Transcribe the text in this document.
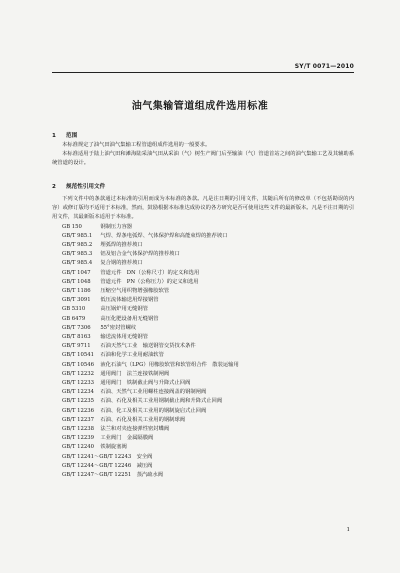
SY/T 0071—2010
油气集输管道组成件选用标准
1 范围

本标准规定了油气田油气集输工程管道组成件选用的一般要求。

本标准适用于陆上油气田和滩海陆采油气田从采油（气）树生产阀门后至输油（气）管道首站之间的油气集输工艺及其辅助系统管道的设计。

2 规范性引用文件

下列文件中的条款通过本标准的引用而成为本标准的条款。凡是注日期的引用文件，其随后所有的修改单（不包括勘误的内容）或修订版均不适用于本标准，然而，鼓励根据本标准达成协议的各方研究是否可使用这些文件的最新版本。凡是不注日期的引用文件，其最新版本适用于本标准。

GB 150　	钢制压力容器
GB/T 985.1　 气焊、焊条电弧焊、气体保护焊和高能束焊的推荐坡口
GB/T 985.2　 埋弧焊的推荐坡口
GB/T 985.3　 铝及铝合金气体保护焊的推荐坡口
GB/T 985.4　 复合钢的推荐坡口
GB/T 1047　 管道元件　DN（公称尺寸）的定义和选用
GB/T 1048　 管道元件　PN（公称压力）的定义和选用
GB/T 1186　 压缩空气用织物增强橡胶软管
GB/T 3091　 低压流体输送用焊接钢管
GB 5310　	高压锅炉用无缝钢管
GB 6479　	高压化肥设备用无缝钢管
GB/T 7306　 55°密封管螺纹
GB/T 8163　 输送流体用无缝钢管
GB/T 9711　 石油天然气工业　输送钢管交货技术条件
GB/T 10541　 石油和化学工业用耐油软管
GB/T 10546　 液化石油气（LPG）用橡胶软管和软管组合件　散装运输用
GB/T 12232　 通用阀门　法兰连接铁制闸阀
GB/T 12233　 通用阀门　铁制截止阀与升降式止回阀
GB/T 12234　 石油、天然气工业用螺柱连接阀盖的钢制闸阀
GB/T 12235　 石油、石化及相关工业用钢制截止阀和升降式止回阀
GB/T 12236　 石油、化工及相关工业用的钢制旋启式止回阀
GB/T 12237　 石油、石化及相关工业用的钢制球阀
GB/T 12238　 法兰和对夹连接弹性密封蝶阀
GB/T 12239　 工业阀门　金属隔膜阀
GB/T 12240　 铁制旋塞阀
GB/T 12241～GB/T 12243　 安全阀
GB/T 12244～GB/T 12246　 减压阀
GB/T 12247～GB/T 12251　 蒸汽疏水阀
1
